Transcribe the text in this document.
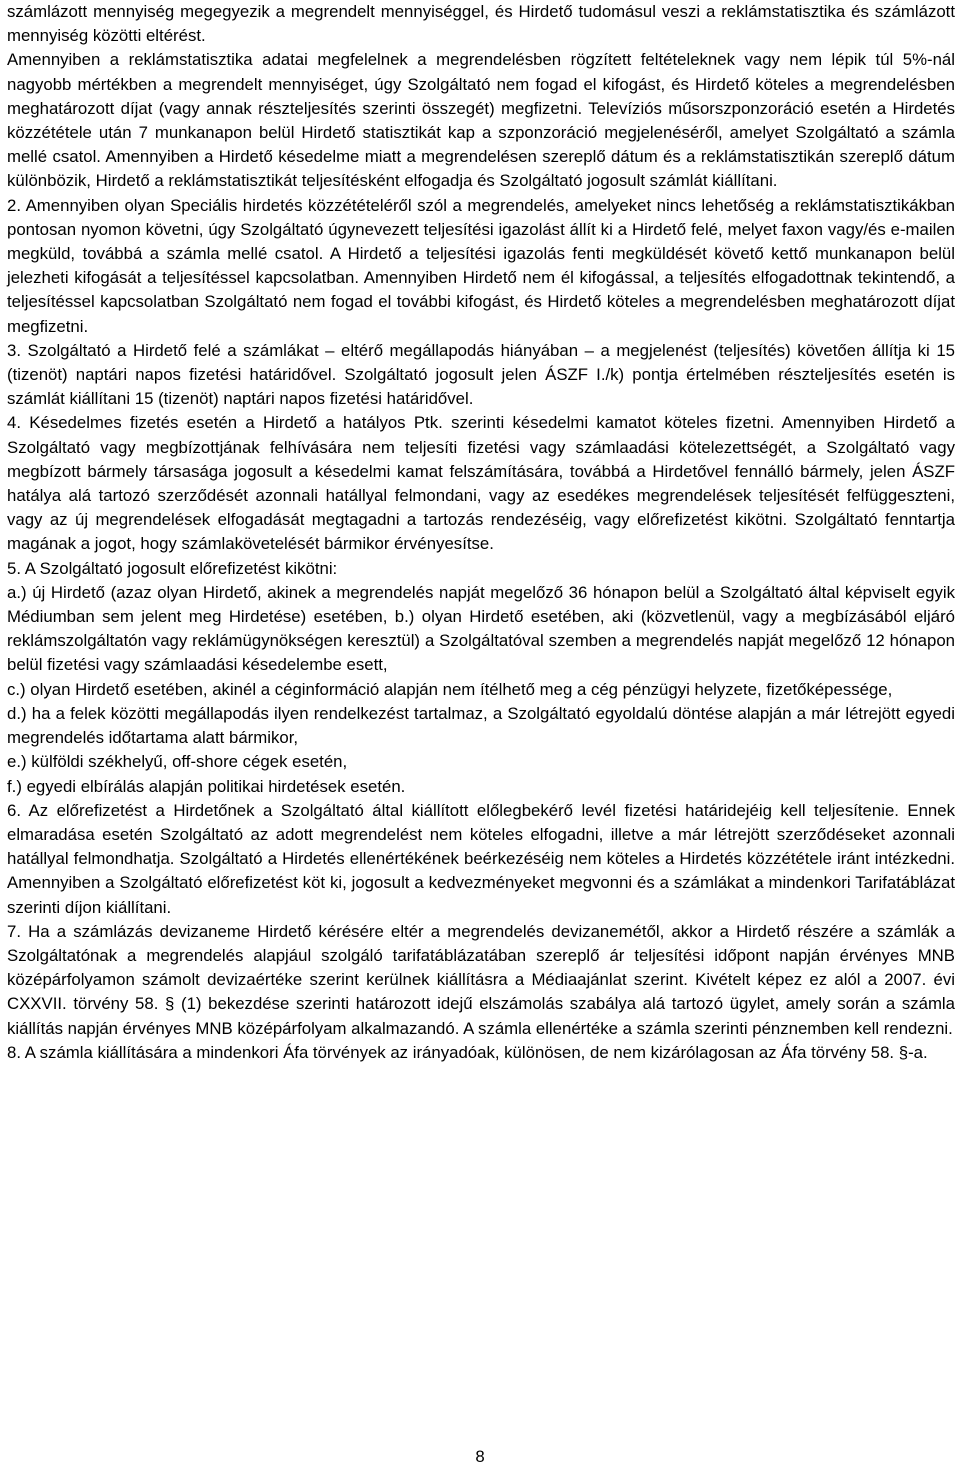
számlázott mennyiség megegyezik a megrendelt mennyiséggel, és Hirdető tudomásul veszi a reklámstatisztika és számlázott mennyiség közötti eltérést.

Amennyiben a reklámstatisztika adatai megfelelnek a megrendelésben rögzített feltételeknek vagy nem lépik túl 5%-nál nagyobb mértékben a megrendelt mennyiséget, úgy Szolgáltató nem fogad el kifogást, és Hirdető köteles a megrendelésben meghatározott díjat (vagy annak részteljesítés szerinti összegét) megfizetni. Televíziós műsorszponzoráció esetén a Hirdetés közzététele után 7 munkanapon belül Hirdető statisztikát kap a szponzoráció megjelenéséről, amelyet Szolgáltató a számla mellé csatol. Amennyiben a Hirdető késedelme miatt a megrendelésen szereplő dátum és a reklámstatisztikán szereplő dátum különbözik, Hirdető a reklámstatisztikát teljesítésként elfogadja és Szolgáltató jogosult számlát kiállítani.

2. Amennyiben olyan Speciális hirdetés közzétételéről szól a megrendelés, amelyeket nincs lehetőség a reklámstatisztikákban pontosan nyomon követni, úgy Szolgáltató úgynevezett teljesítési igazolást állít ki a Hirdető felé, melyet faxon vagy/és e-mailen megküld, továbbá a számla mellé csatol. A Hirdető a teljesítési igazolás fenti megküldését követő kettő munkanapon belül jelezheti kifogását a teljesítéssel kapcsolatban. Amennyiben Hirdető nem él kifogással, a teljesítés elfogadottnak tekintendő, a teljesítéssel kapcsolatban Szolgáltató nem fogad el további kifogást, és Hirdető köteles a megrendelésben meghatározott díjat megfizetni.

3. Szolgáltató a Hirdető felé a számlákat – eltérő megállapodás hiányában – a megjelenést (teljesítés) követően állítja ki 15 (tizenöt) naptári napos fizetési határidővel. Szolgáltató jogosult jelen ÁSZF I./k) pontja értelmében részteljesítés esetén is számlát kiállítani 15 (tizenöt) naptári napos fizetési határidővel.

4. Késedelmes fizetés esetén a Hirdető a hatályos Ptk. szerinti késedelmi kamatot köteles fizetni. Amennyiben Hirdető a Szolgáltató vagy megbízottjának felhívására nem teljesíti fizetési vagy számlaadási kötelezettségét, a Szolgáltató vagy megbízott bármely társasága jogosult a késedelmi kamat felszámítására, továbbá a Hirdetővel fennálló bármely, jelen ÁSZF hatálya alá tartozó szerződését azonnali hatállyal felmondani, vagy az esedékes megrendelések teljesítését felfüggeszteni, vagy az új megrendelések elfogadását megtagadni a tartozás rendezéséig, vagy előrefizetést kikötni. Szolgáltató fenntartja magának a jogot, hogy számlakövetelését bármikor érvényesítse.

5. A Szolgáltató jogosult előrefizetést kikötni:

a.) új Hirdető (azaz olyan Hirdető, akinek a megrendelés napját megelőző 36 hónapon belül a Szolgáltató által képviselt egyik Médiumban sem jelent meg Hirdetése) esetében, b.) olyan Hirdető esetében, aki (közvetlenül, vagy a megbízásából eljáró reklámszolgáltatón vagy reklámügynökségen keresztül) a Szolgáltatóval szemben a megrendelés napját megelőző 12 hónapon belül fizetési vagy számlaadási késedelembe esett,

c.) olyan Hirdető esetében, akinél a céginformáció alapján nem ítélhető meg a cég pénzügyi helyzete, fizetőképessége,

d.) ha a felek közötti megállapodás ilyen rendelkezést tartalmaz, a Szolgáltató egyoldalú döntése alapján a már létrejött egyedi megrendelés időtartama alatt bármikor,

e.) külföldi székhelyű, off-shore cégek esetén,

f.) egyedi elbírálás alapján politikai hirdetések esetén.

6. Az előrefizetést a Hirdetőnek a Szolgáltató által kiállított előlegbekérő levél fizetési határidejéig kell teljesítenie. Ennek elmaradása esetén Szolgáltató az adott megrendelést nem köteles elfogadni, illetve a már létrejött szerződéseket azonnali hatállyal felmondhatja. Szolgáltató a Hirdetés ellenértékének beérkezéséig nem köteles a Hirdetés közzététele iránt intézkedni. Amennyiben a Szolgáltató előrefizetést köt ki, jogosult a kedvezményeket megvonni és a számlákat a mindenkori Tarifatáblázat szerinti díjon kiállítani.

7. Ha a számlázás devizaneme Hirdető kérésére eltér a megrendelés devizanemétől, akkor a Hirdető részére a számlák a Szolgáltatónak a megrendelés alapjául szolgáló tarifatáblázatában szereplő ár teljesítési időpont napján érvényes MNB középárfolyamon számolt devizaértéke szerint kerülnek kiállításra a Médiaajánlat szerint. Kivételt képez ez alól a 2007. évi CXXVII. törvény 58. § (1) bekezdése szerinti határozott idejű elszámolás szabálya alá tartozó ügylet, amely során a számla kiállítás napján érvényes MNB középárfolyam alkalmazandó. A számla ellenértéke a számla szerinti pénznemben kell rendezni.

8. A számla kiállítására a mindenkori Áfa törvények az irányadóak, különösen, de nem kizárólagosan az Áfa törvény 58. §-a.

8
